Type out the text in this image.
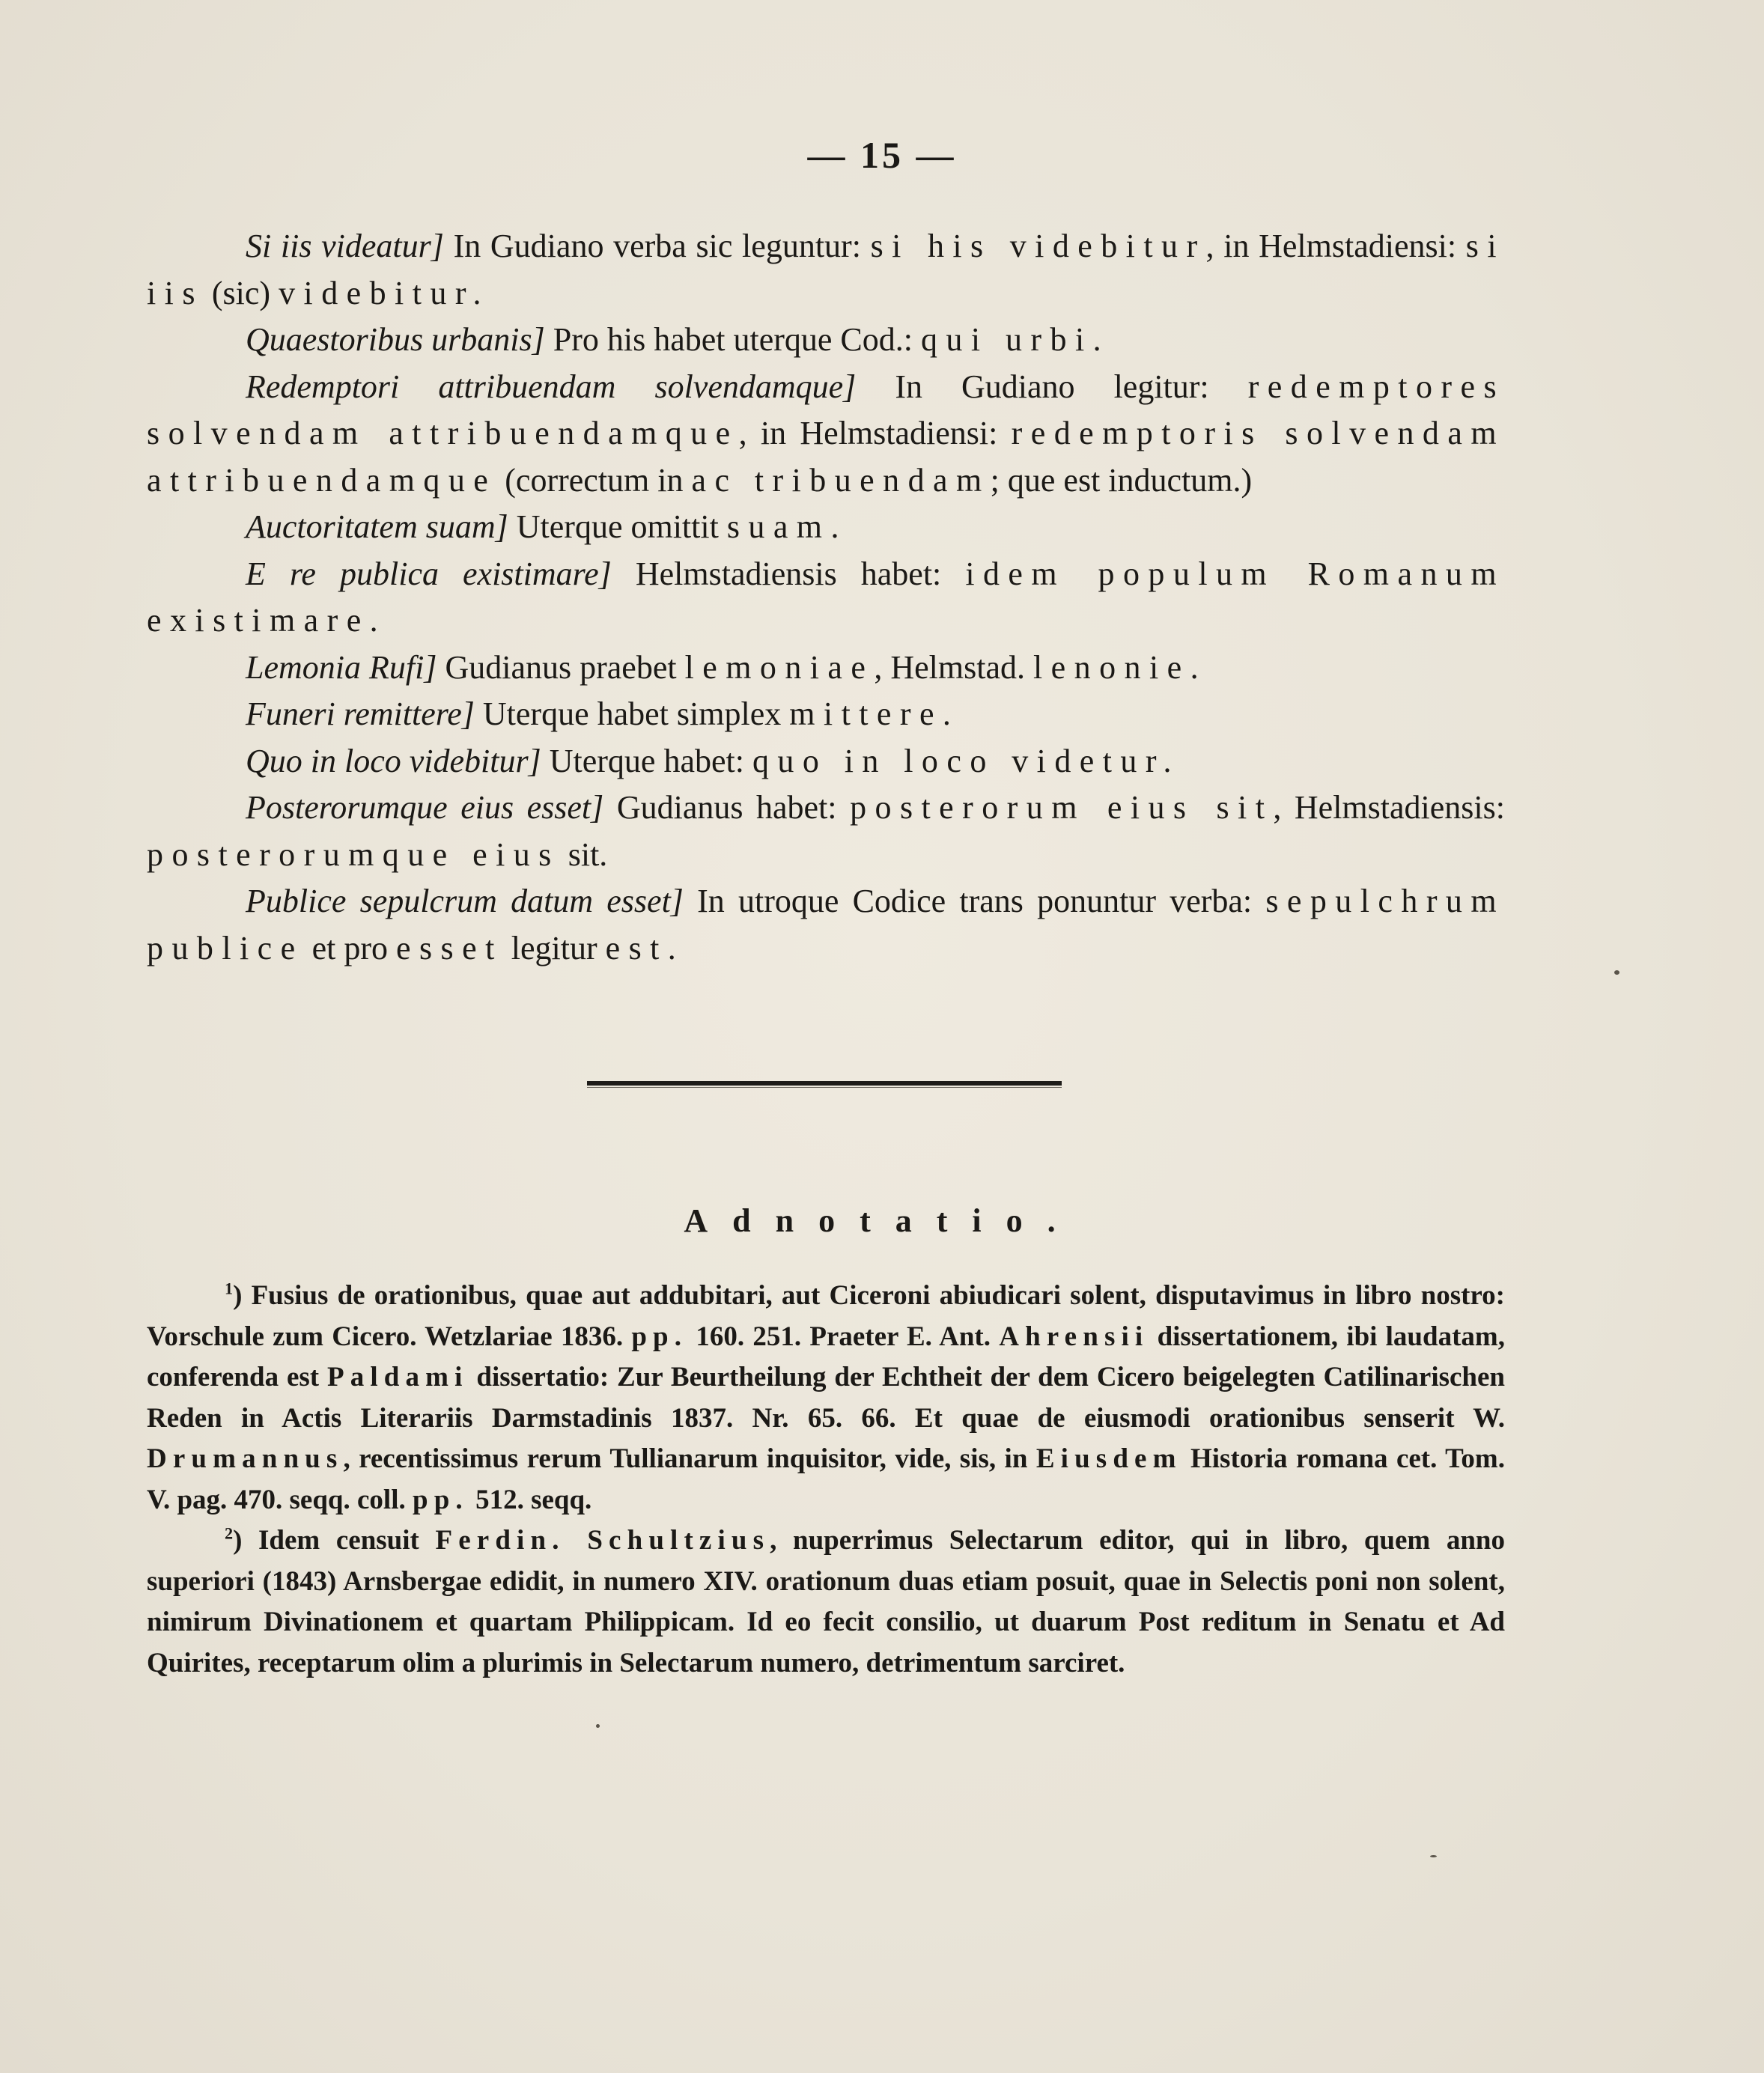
— 15 —

Si iis videatur] In Gudiano verba sic leguntur: si his videbitur, in Helmstadiensi: si iis (sic) videbitur.

Quaestoribus urbanis] Pro his habet uterque Cod.: qui urbi.

Redemptori attribuendam solvendamque] In Gudiano legitur: redemptores solvendam attribuendamque, in Helmstadiensi: redemptoris solvendam attribuendamque (correctum in ac tribuendam; que est inductum.)

Auctoritatem suam] Uterque omittit suam.

E re publica existimare] Helmstadiensis habet: idem populum Romanum existimare.

Lemonia Rufi] Gudianus praebet lemoniae, Helmstad. lenonie.

Funeri remittere] Uterque habet simplex mittere.

Quo in loco videbitur] Uterque habet: quo in loco videtur.

Posterorumque eius esset] Gudianus habet: posterorum eius sit, Helmstadiensis: posterorumque eius sit.

Publice sepulcrum datum esset] In utroque Codice trans ponuntur verba: sepulchrum publice et pro esset legitur est.

Adnotatio.

$^1$) Fusius de orationibus, quae aut addubitari, aut Ciceroni abiudicari solent, disputavimus in libro nostro: Vorschule zum Cicero. Wetzlariae 1836. pp. 160. 251. Praeter E. Ant. Ahrensii dissertationem, ibi laudatam, conferenda est Paldami dissertatio: Zur Beurtheilung der Echtheit der dem Cicero beigelegten Catilinarischen Reden in Actis Literariis Darmstadinis 1837. Nr. 65. 66. Et quae de eiusmodi orationibus senserit W. Drumannus, recentissimus rerum Tullianarum inquisitor, vide, sis, in Eiusdem Historia romana cet. Tom. V. pag. 470. seqq. coll. pp. 512. seqq.

$^2$) Idem censuit Ferdin. Schultzius, nuperrimus Selectarum editor, qui in libro, quem anno superiori (1843) Arnsbergae edidit, in numero XIV. orationum duas etiam posuit, quae in Selectis poni non solent, nimirum Divinationem et quartam Philippicam. Id eo fecit consilio, ut duarum Post reditum in Senatu et Ad Quirites, receptarum olim a plurimis in Selectarum numero, detrimentum sarciret.
